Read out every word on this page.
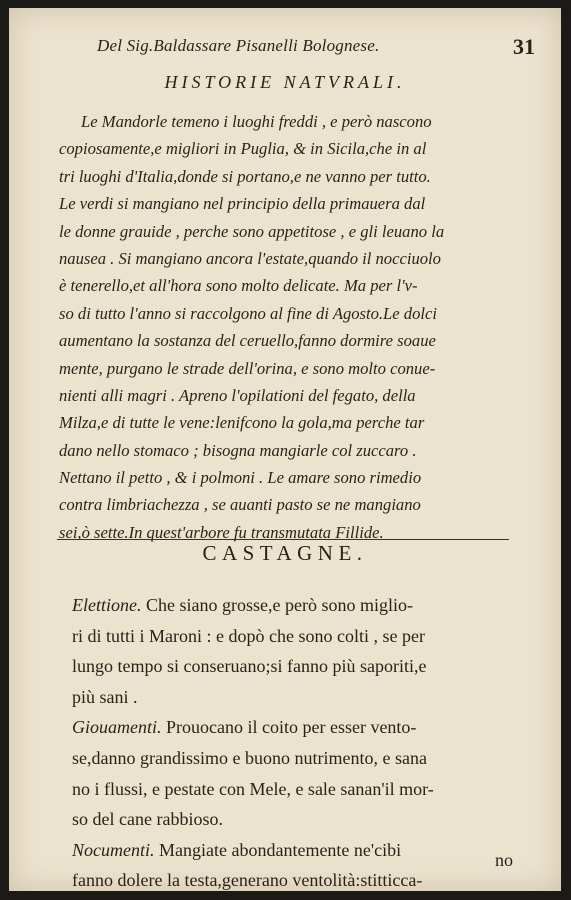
Del Sig.Baldassare Pisanelli Bolognese.	31
HISTORIE NATVRALI.
Le Mandorle temeno i luoghi freddi , e però nascono
copiosamente,e migliori in Puglia, & in Sicila,che in al
tri luoghi d'Italia,donde si portano,e ne vanno per tutto.
Le verdi si mangiano nel principio della primauera dal
le donne grauide , perche sono appetitose , e gli leuano la
nausea . Si mangiano ancora l'estate,quando il nocciuolo
è tenerello,et all'hora sono molto delicate. Ma per l'v-
so di tutto l'anno si raccolgono al fine di Agosto.Le dolci
aumentano la sostanza del ceruello,fanno dormire soaue
mente, purgano le strade dell'orina, e sono molto conue-
nienti alli magri . Apreno l'opilationi del fegato, della
Milza,e di tutte le vene:lenifcono la gola,ma perche tar
dano nello stomaco ; bisogna mangiarle col zuccaro .
Nettano il petto , & i polmoni . Le amare sono rimedio
contra limbriachezza , se auanti pasto se ne mangiano
sei,ò sette.In quest'arbore fu transmutata Fillide.
CASTAGNE.
Elettione. Che siano grosse,e però sono miglio-
ri di tutti i Maroni : e dopò che sono colti , se per
lungo tempo si conseruano;si fanno più saporiti,e
più sani .
Giouamenti. Prouocano il coito per esser vento-
se,danno grandissimo e buono nutrimento, e sana
no i flussi, e pestate con Mele, e sale sanan'il mor-
so del cane rabbioso.
Nocumenti. Mangiate abondantemente ne'cibi
fanno dolere la testa,generano ventolità:stitticca-
no
